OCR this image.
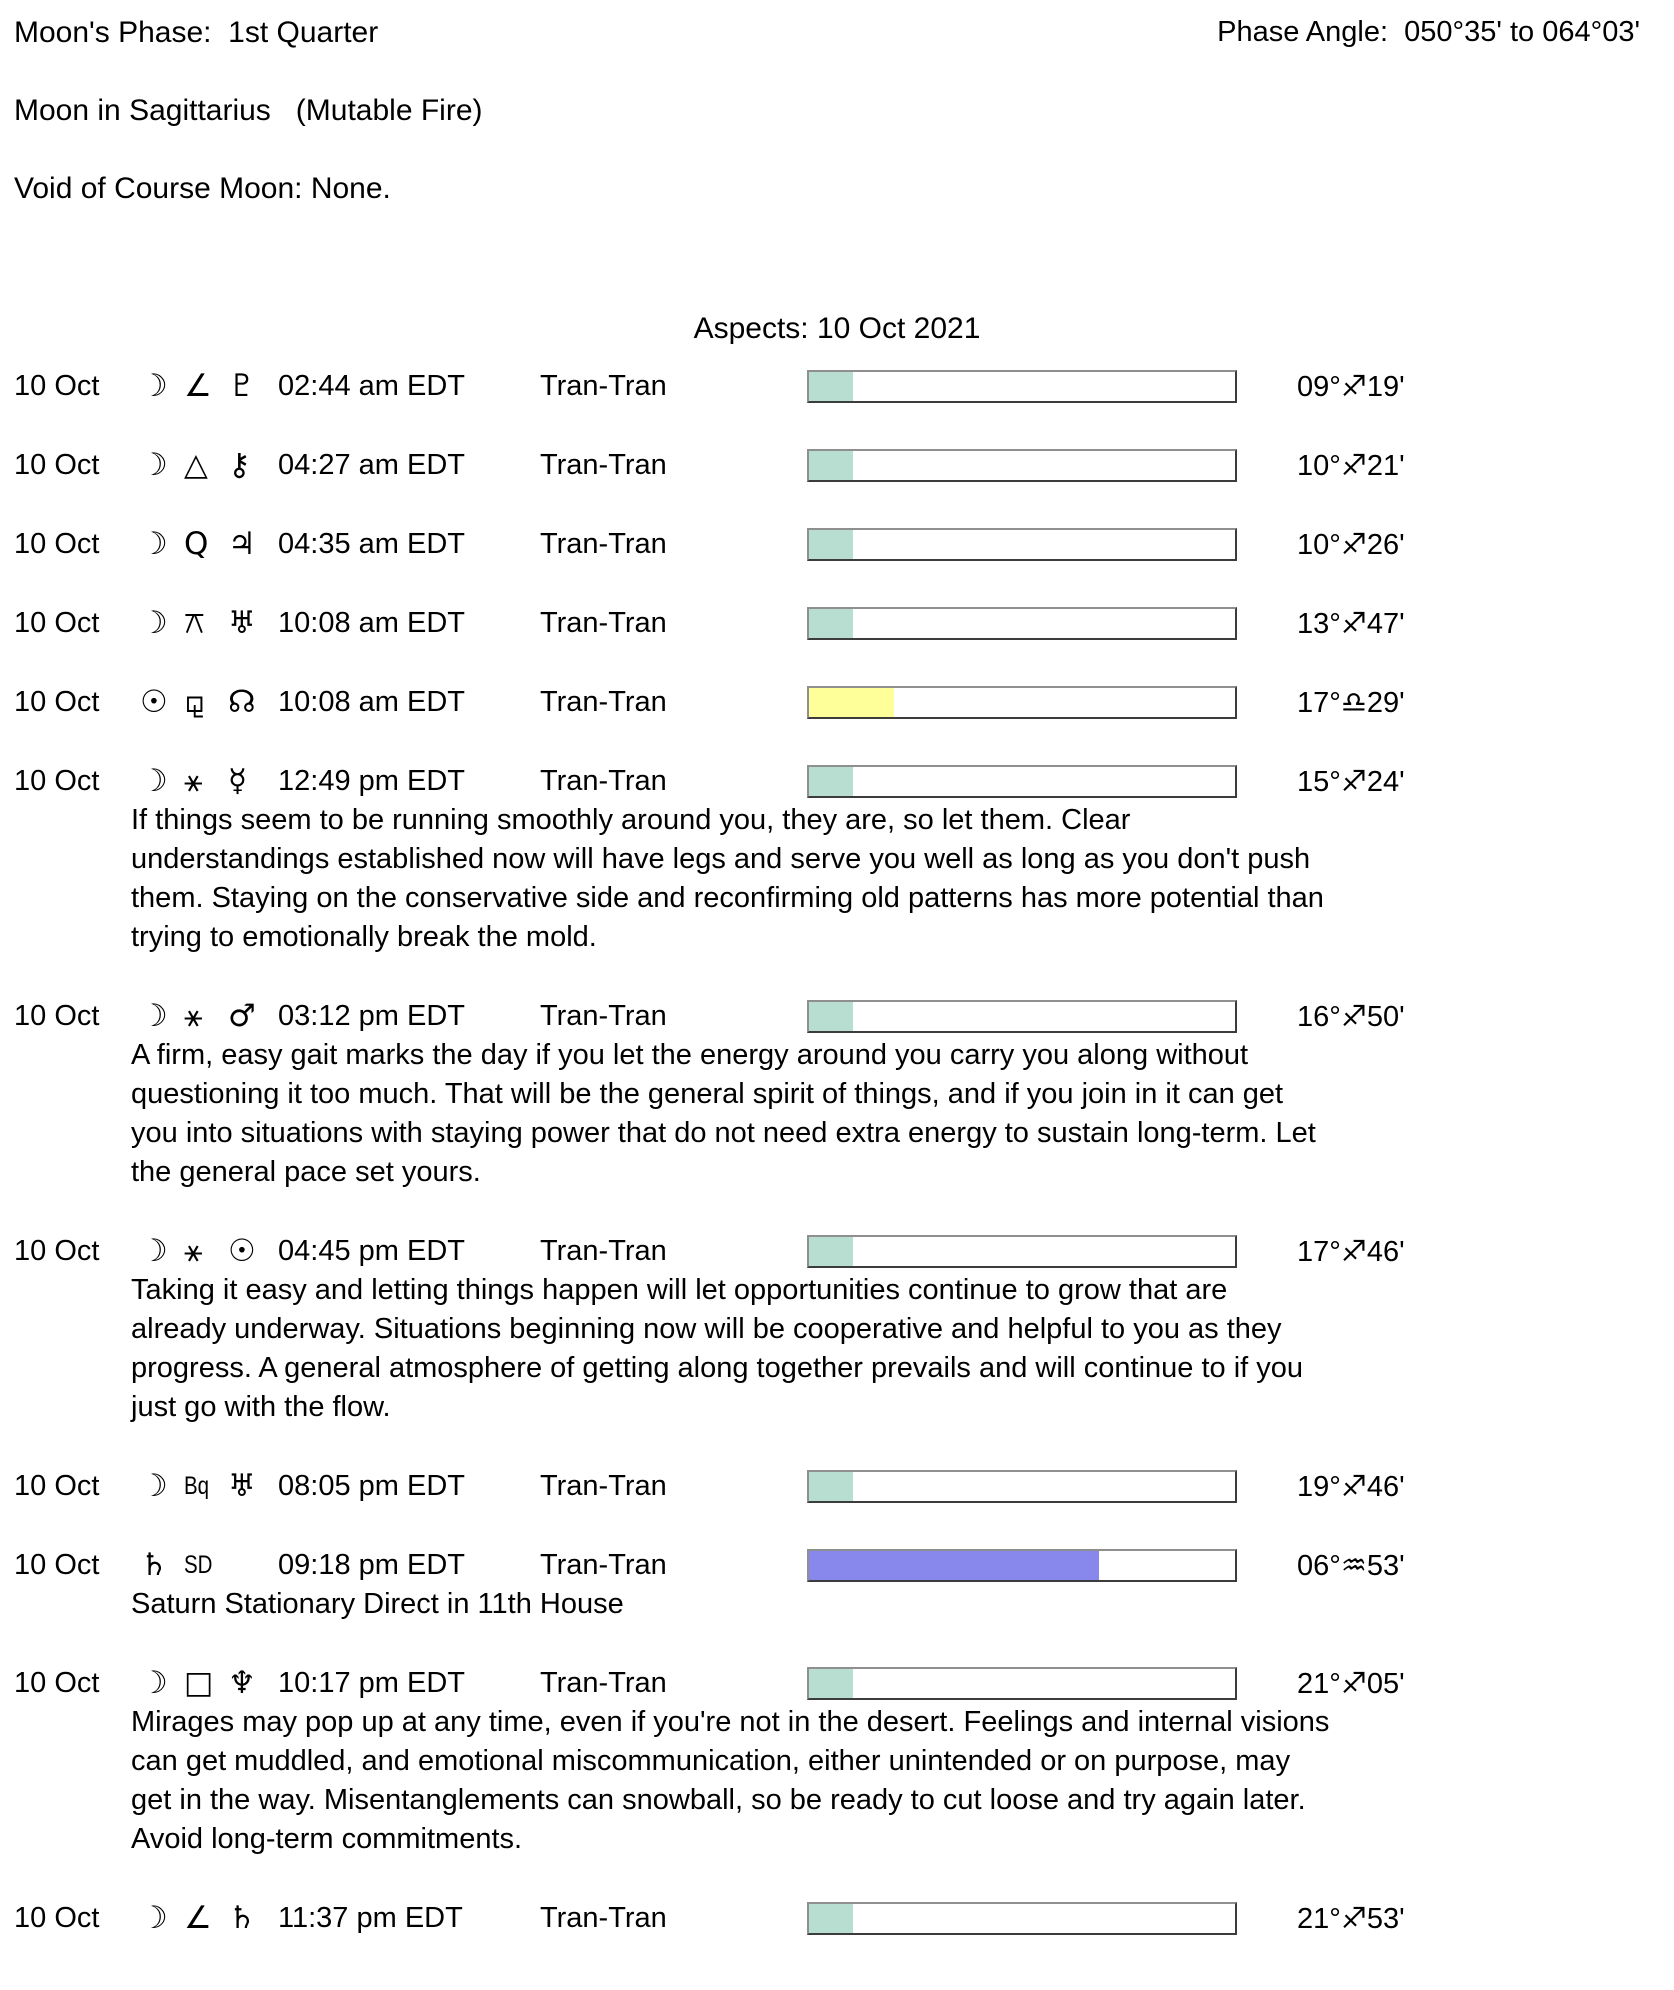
Moon's Phase:  1st Quarter	Phase Angle:  050°35' to 064°03'
Moon in Sagittarius   (Mutable Fire)
Void of Course Moon: None.
Aspects: 10 Oct 2021
10 Oct	☽ ∠ ♇ 02:44 am EDT	Tran-Tran	09°♐19'
10 Oct	☽ △ ⚷ 04:27 am EDT	Tran-Tran	10°♐21'
10 Oct	☽ Q ♃ 04:35 am EDT	Tran-Tran	10°♐26'
10 Oct	☽ ⚻ ♅ 10:08 am EDT	Tran-Tran	13°♐47'
10 Oct	☉ ⚼ ☊ 10:08 am EDT	Tran-Tran	17°♎29'
10 Oct	☽ ⚹ ☿	12:49 pm EDT	Tran-Tran	15°♐24'
If things seem to be running smoothly around you, they are, so let them. Clear
understandings established now will have legs and serve you well as long as you don't push
them. Staying on the conservative side and reconfirming old patterns has more potential than
trying to emotionally break the mold.
10 Oct	☽ ⚹ ♂ 03:12 pm EDT	Tran-Tran	16°♐50'
A firm, easy gait marks the day if you let the energy around you carry you along without
questioning it too much. That will be the general spirit of things, and if you join in it can get
you into situations with staying power that do not need extra energy to sustain long-term. Let
the general pace set yours.
10 Oct	☽ ⚹ ☉ 04:45 pm EDT	Tran-Tran	17°♐46'
Taking it easy and letting things happen will let opportunities continue to grow that are
already underway. Situations beginning now will be cooperative and helpful to you as they
progress. A general atmosphere of getting along together prevails and will continue to if you
just go with the flow.
10 Oct	☽ Bq ♅ 08:05 pm EDT	Tran-Tran	19°♐46'
10 Oct	♄ SD 09:18 pm EDT	Tran-Tran	06°♒53'
Saturn Stationary Direct in 11th House
10 Oct	☽ □ ♆ 10:17 pm EDT	Tran-Tran	21°♐05'
Mirages may pop up at any time, even if you're not in the desert. Feelings and internal visions
can get muddled, and emotional miscommunication, either unintended or on purpose, may
get in the way. Misentanglements can snowball, so be ready to cut loose and try again later.
Avoid long-term commitments.
10 Oct	☽ ∠ ♄ 11:37 pm EDT	Tran-Tran	21°♐53'
